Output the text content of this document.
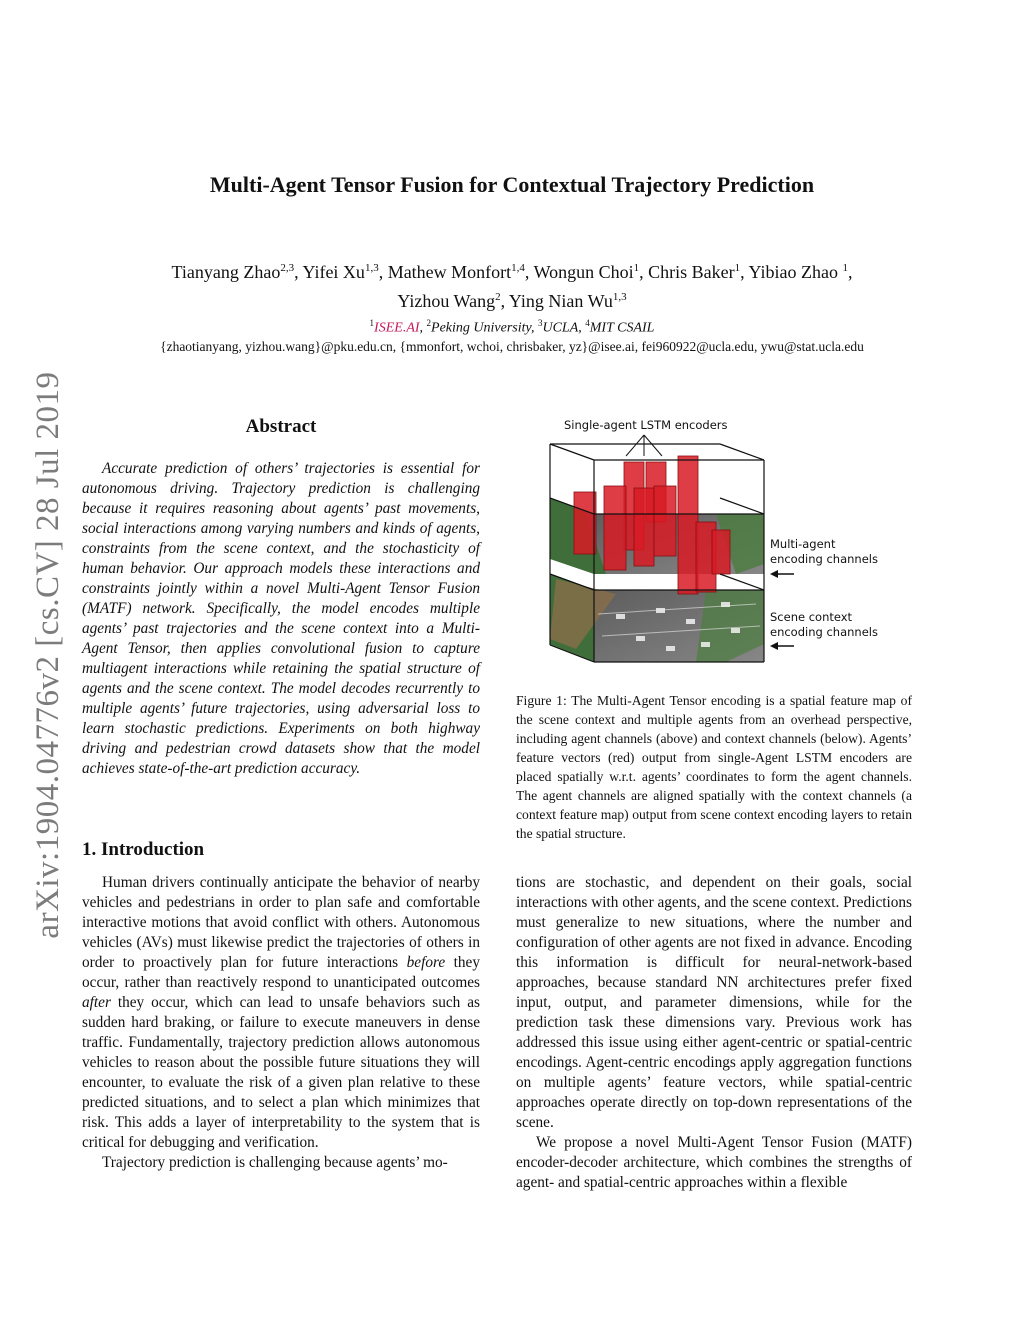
arXiv:1904.04776v2 [cs.CV] 28 Jul 2019
Multi-Agent Tensor Fusion for Contextual Trajectory Prediction
Tianyang Zhao$^{2,3}$, Yifei Xu$^{1,3}$, Mathew Monfort$^{1,4}$, Wongun Choi$^1$, Chris Baker$^1$, Yibiao Zhao $^1$,
Yizhou Wang$^2$, Ying Nian Wu$^{1,3}$
$^1$ISEE.AI, $^2$Peking University, $^3$UCLA, $^4$MIT CSAIL
{zhaotianyang, yizhou.wang}@pku.edu.cn, {mmonfort, wchoi, chrisbaker, yz}@isee.ai, fei960922@ucla.edu, ywu@stat.ucla.edu
Abstract

Accurate prediction of others’ trajectories is essential for autonomous driving. Trajectory prediction is challenging because it requires reasoning about agents’ past movements, social interactions among varying numbers and kinds of agents, constraints from the scene context, and the stochasticity of human behavior. Our approach models these interactions and constraints jointly within a novel Multi-Agent Tensor Fusion (MATF) network. Specifically, the model encodes multiple agents’ past trajectories and the scene context into a Multi-Agent Tensor, then applies convolutional fusion to capture multiagent interactions while retaining the spatial structure of agents and the scene context. The model decodes recurrently to multiple agents’ future trajectories, using adversarial loss to learn stochastic predictions. Experiments on both highway driving and pedestrian crowd datasets show that the model achieves state-of-the-art prediction accuracy.

Single-agent LSTM encoders
Multi-agent
encoding channels
Scene context
encoding channels

Figure 1: The Multi-Agent Tensor encoding is a spatial feature map of the scene context and multiple agents from an overhead perspective, including agent channels (above) and context channels (below). Agents’ feature vectors (red) output from single-Agent LSTM encoders are placed spatially w.r.t. agents’ coordinates to form the agent channels. The agent channels are aligned spatially with the context channels (a context feature map) output from scene context encoding layers to retain the spatial structure.

1. Introduction

Human drivers continually anticipate the behavior of nearby vehicles and pedestrians in order to plan safe and comfortable interactive motions that avoid conflict with others. Autonomous vehicles (AVs) must likewise predict the trajectories of others in order to proactively plan for future interactions before they occur, rather than reactively respond to unanticipated outcomes after they occur, which can lead to unsafe behaviors such as sudden hard braking, or failure to execute maneuvers in dense traffic. Fundamentally, trajectory prediction allows autonomous vehicles to reason about the possible future situations they will encounter, to evaluate the risk of a given plan relative to these predicted situations, and to select a plan which minimizes that risk. This adds a layer of interpretability to the system that is critical for debugging and verification.

Trajectory prediction is challenging because agents’ mo-

tions are stochastic, and dependent on their goals, social interactions with other agents, and the scene context. Predictions must generalize to new situations, where the number and configuration of other agents are not fixed in advance. Encoding this information is difficult for neural-network-based approaches, because standard NN architectures prefer fixed input, output, and parameter dimensions, while for the prediction task these dimensions vary. Previous work has addressed this issue using either agent-centric or spatial-centric encodings. Agent-centric encodings apply aggregation functions on multiple agents’ feature vectors, while spatial-centric approaches operate directly on top-down representations of the scene.

We propose a novel Multi-Agent Tensor Fusion (MATF) encoder-decoder architecture, which combines the strengths of agent- and spatial-centric approaches within a flexible
